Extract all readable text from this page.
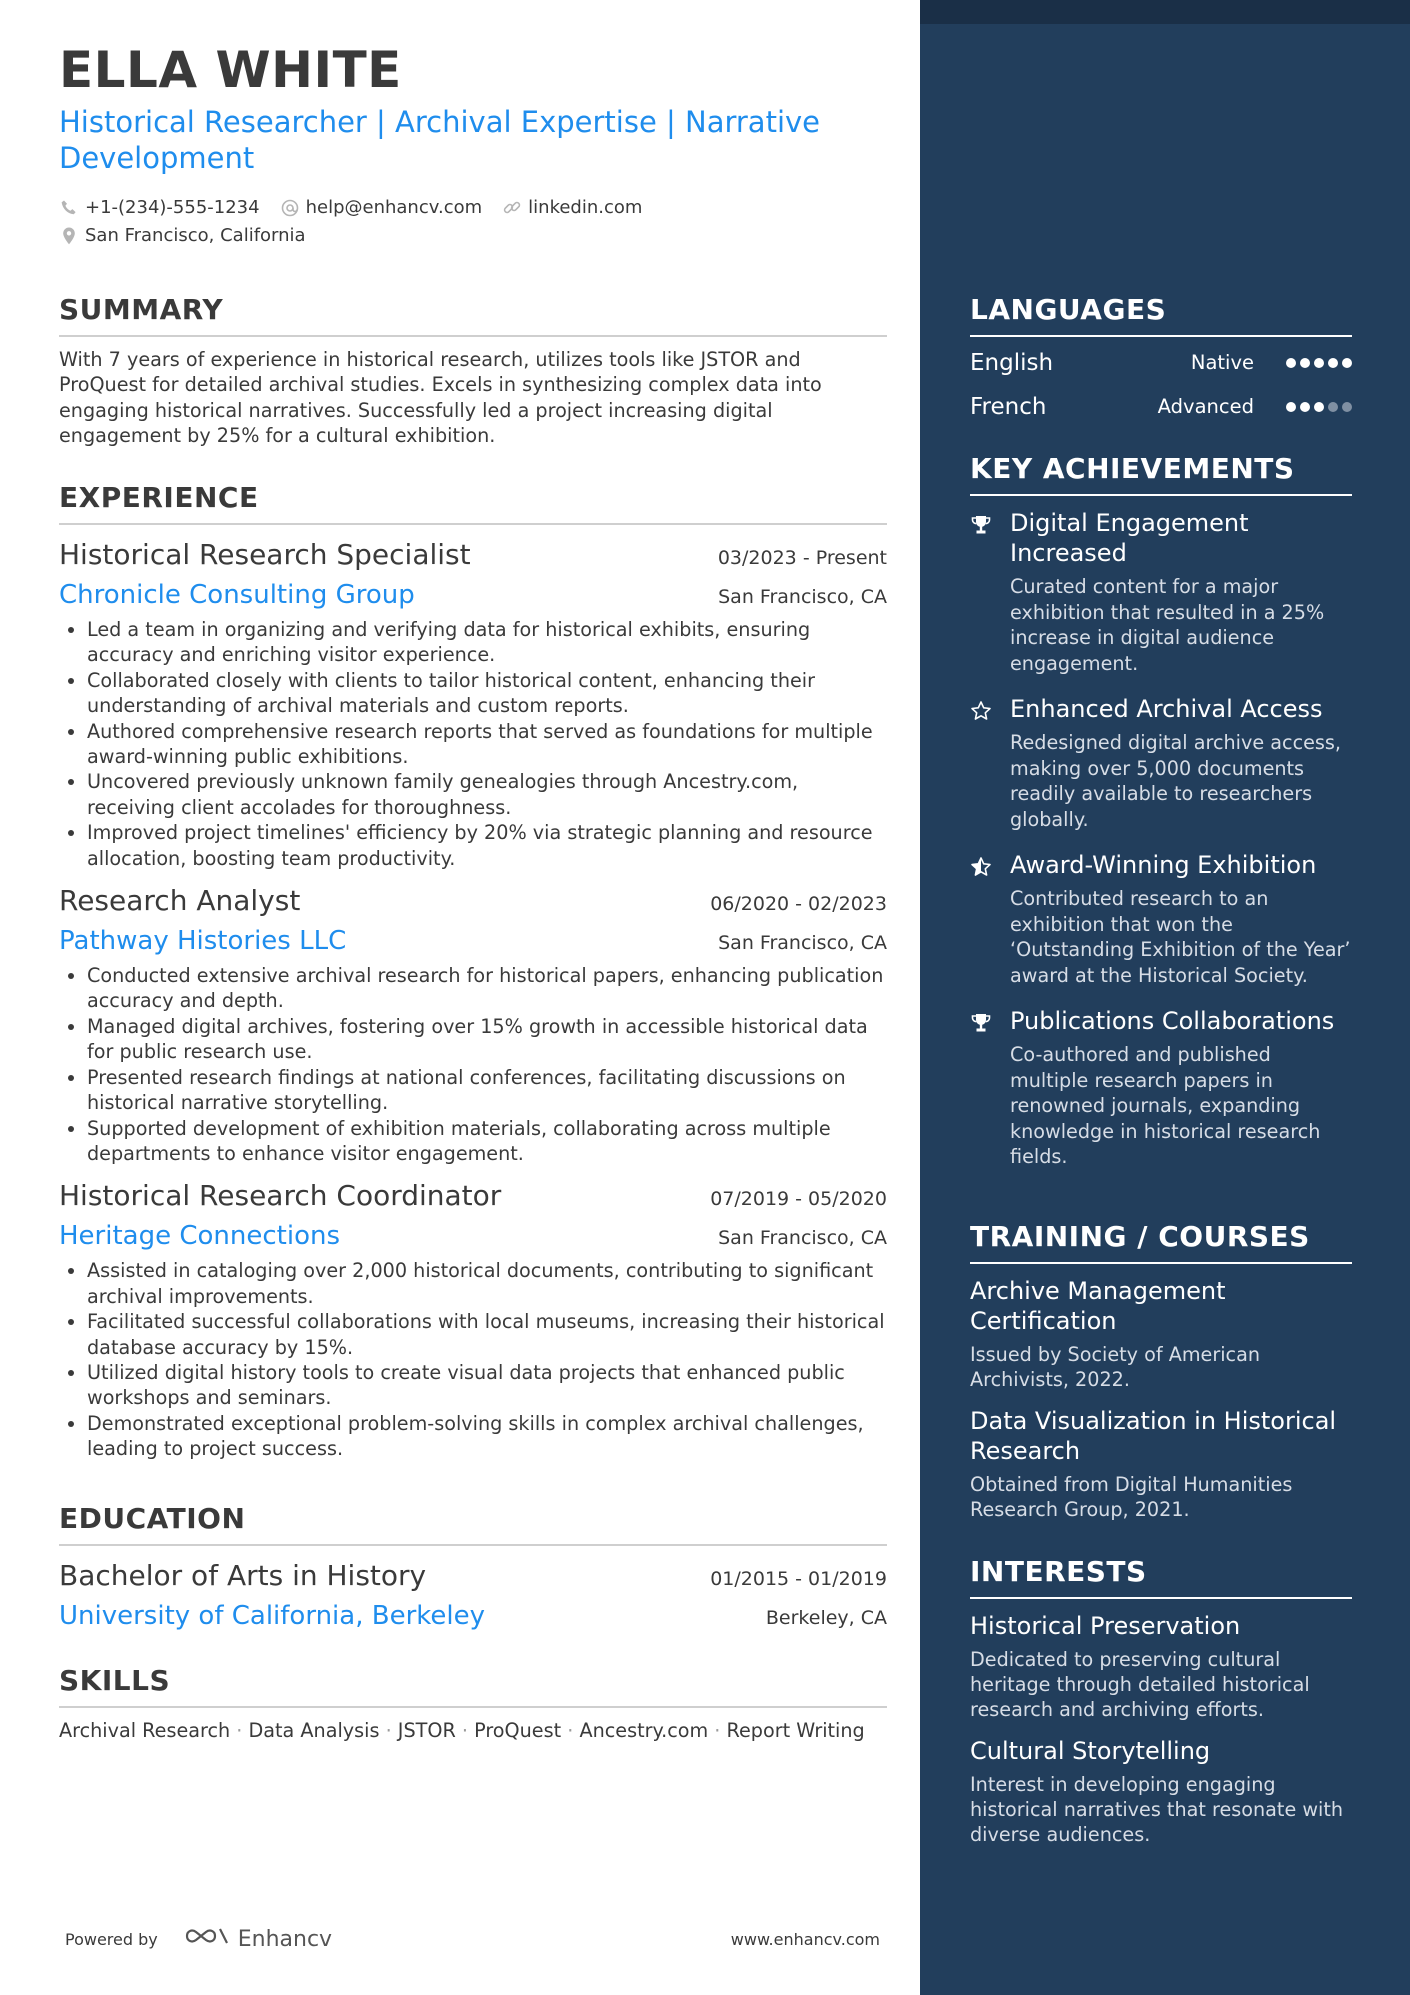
ELLA WHITE
Historical Researcher | Archival Expertise | Narrative Development
+1-(234)-555-1234	help@enhancv.com	linkedin.com
San Francisco, California
SUMMARY
With 7 years of experience in historical research, utilizes tools like JSTOR and ProQuest for detailed archival studies. Excels in synthesizing complex data into engaging historical narratives. Successfully led a project increasing digital engagement by 25% for a cultural exhibition.
EXPERIENCE
Historical Research Specialist	03/2023 - Present
Chronicle Consulting Group	San Francisco, CA
• Led a team in organizing and verifying data for historical exhibits, ensuring accuracy and enriching visitor experience.
• Collaborated closely with clients to tailor historical content, enhancing their understanding of archival materials and custom reports.
• Authored comprehensive research reports that served as foundations for multiple award-winning public exhibitions.
• Uncovered previously unknown family genealogies through Ancestry.com, receiving client accolades for thoroughness.
• Improved project timelines' efficiency by 20% via strategic planning and resource allocation, boosting team productivity.
Research Analyst	06/2020 - 02/2023
Pathway Histories LLC	San Francisco, CA
• Conducted extensive archival research for historical papers, enhancing publication accuracy and depth.
• Managed digital archives, fostering over 15% growth in accessible historical data for public research use.
• Presented research findings at national conferences, facilitating discussions on historical narrative storytelling.
• Supported development of exhibition materials, collaborating across multiple departments to enhance visitor engagement.
Historical Research Coordinator	07/2019 - 05/2020
Heritage Connections	San Francisco, CA
• Assisted in cataloging over 2,000 historical documents, contributing to significant archival improvements.
• Facilitated successful collaborations with local museums, increasing their historical database accuracy by 15%.
• Utilized digital history tools to create visual data projects that enhanced public workshops and seminars.
• Demonstrated exceptional problem-solving skills in complex archival challenges, leading to project success.
EDUCATION
Bachelor of Arts in History	01/2015 - 01/2019
University of California, Berkeley	Berkeley, CA
SKILLS
Archival Research · Data Analysis · JSTOR · ProQuest · Ancestry.com · Report Writing
Powered by	Enhancv	www.enhancv.com
LANGUAGES
English	Native
French	Advanced
KEY ACHIEVEMENTS
Digital Engagement Increased
Curated content for a major exhibition that resulted in a 25% increase in digital audience engagement.
Enhanced Archival Access
Redesigned digital archive access, making over 5,000 documents readily available to researchers globally.
Award-Winning Exhibition
Contributed research to an exhibition that won the ‘Outstanding Exhibition of the Year’ award at the Historical Society.
Publications Collaborations
Co-authored and published multiple research papers in renowned journals, expanding knowledge in historical research fields.
TRAINING / COURSES
Archive Management Certification
Issued by Society of American Archivists, 2022.
Data Visualization in Historical Research
Obtained from Digital Humanities Research Group, 2021.
INTERESTS
Historical Preservation
Dedicated to preserving cultural heritage through detailed historical research and archiving efforts.
Cultural Storytelling
Interest in developing engaging historical narratives that resonate with diverse audiences.
